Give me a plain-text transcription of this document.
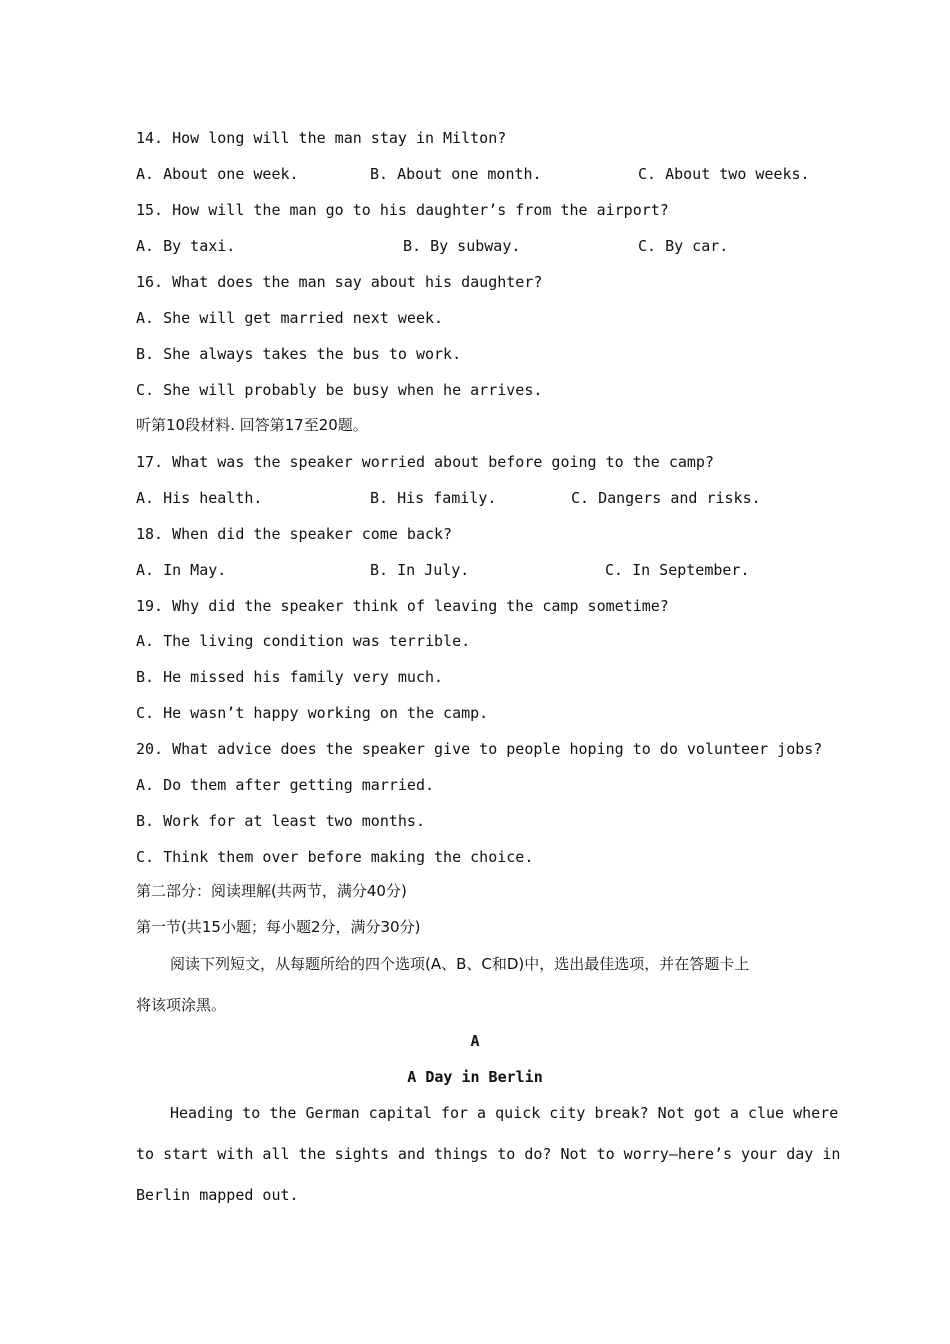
14. How long will the man stay in Milton?
A. About one week.	B. About one month.	C. About two weeks.
15. How will the man go to his daughter’s from the airport?
A. By taxi.	B. By subway.	C. By car.
16. What does the man say about his daughter?
A. She will get married next week.
B. She always takes the bus to work.
C. She will probably be busy when he arrives.
听第10段材料. 回答第17至20题。
17. What was the speaker worried about before going to the camp?
A. His health.	B. His family.	C. Dangers and risks.
18. When did the speaker come back?
A. In May.	B. In July.	C. In September.
19. Why did the speaker think of leaving the camp sometime?
A. The living condition was terrible.
B. He missed his family very much.
C. He wasn’t happy working on the camp.
20. What advice does the speaker give to people hoping to do volunteer jobs?
A. Do them after getting married.
B. Work for at least two months.
C. Think them over before making the choice.
第二部分：阅读理解(共两节，满分40分)
第一节(共15小题；每小题2分，满分30分)
阅读下列短文，从每题所给的四个选项(A、B、C和D)中，选出最佳选项，并在答题卡上
将该项涂黑。
A
A Day in Berlin
Heading to the German capital for a quick city break? Not got a clue where
to start with all the sights and things to do? Not to worry—here’s your day in
Berlin mapped out.
